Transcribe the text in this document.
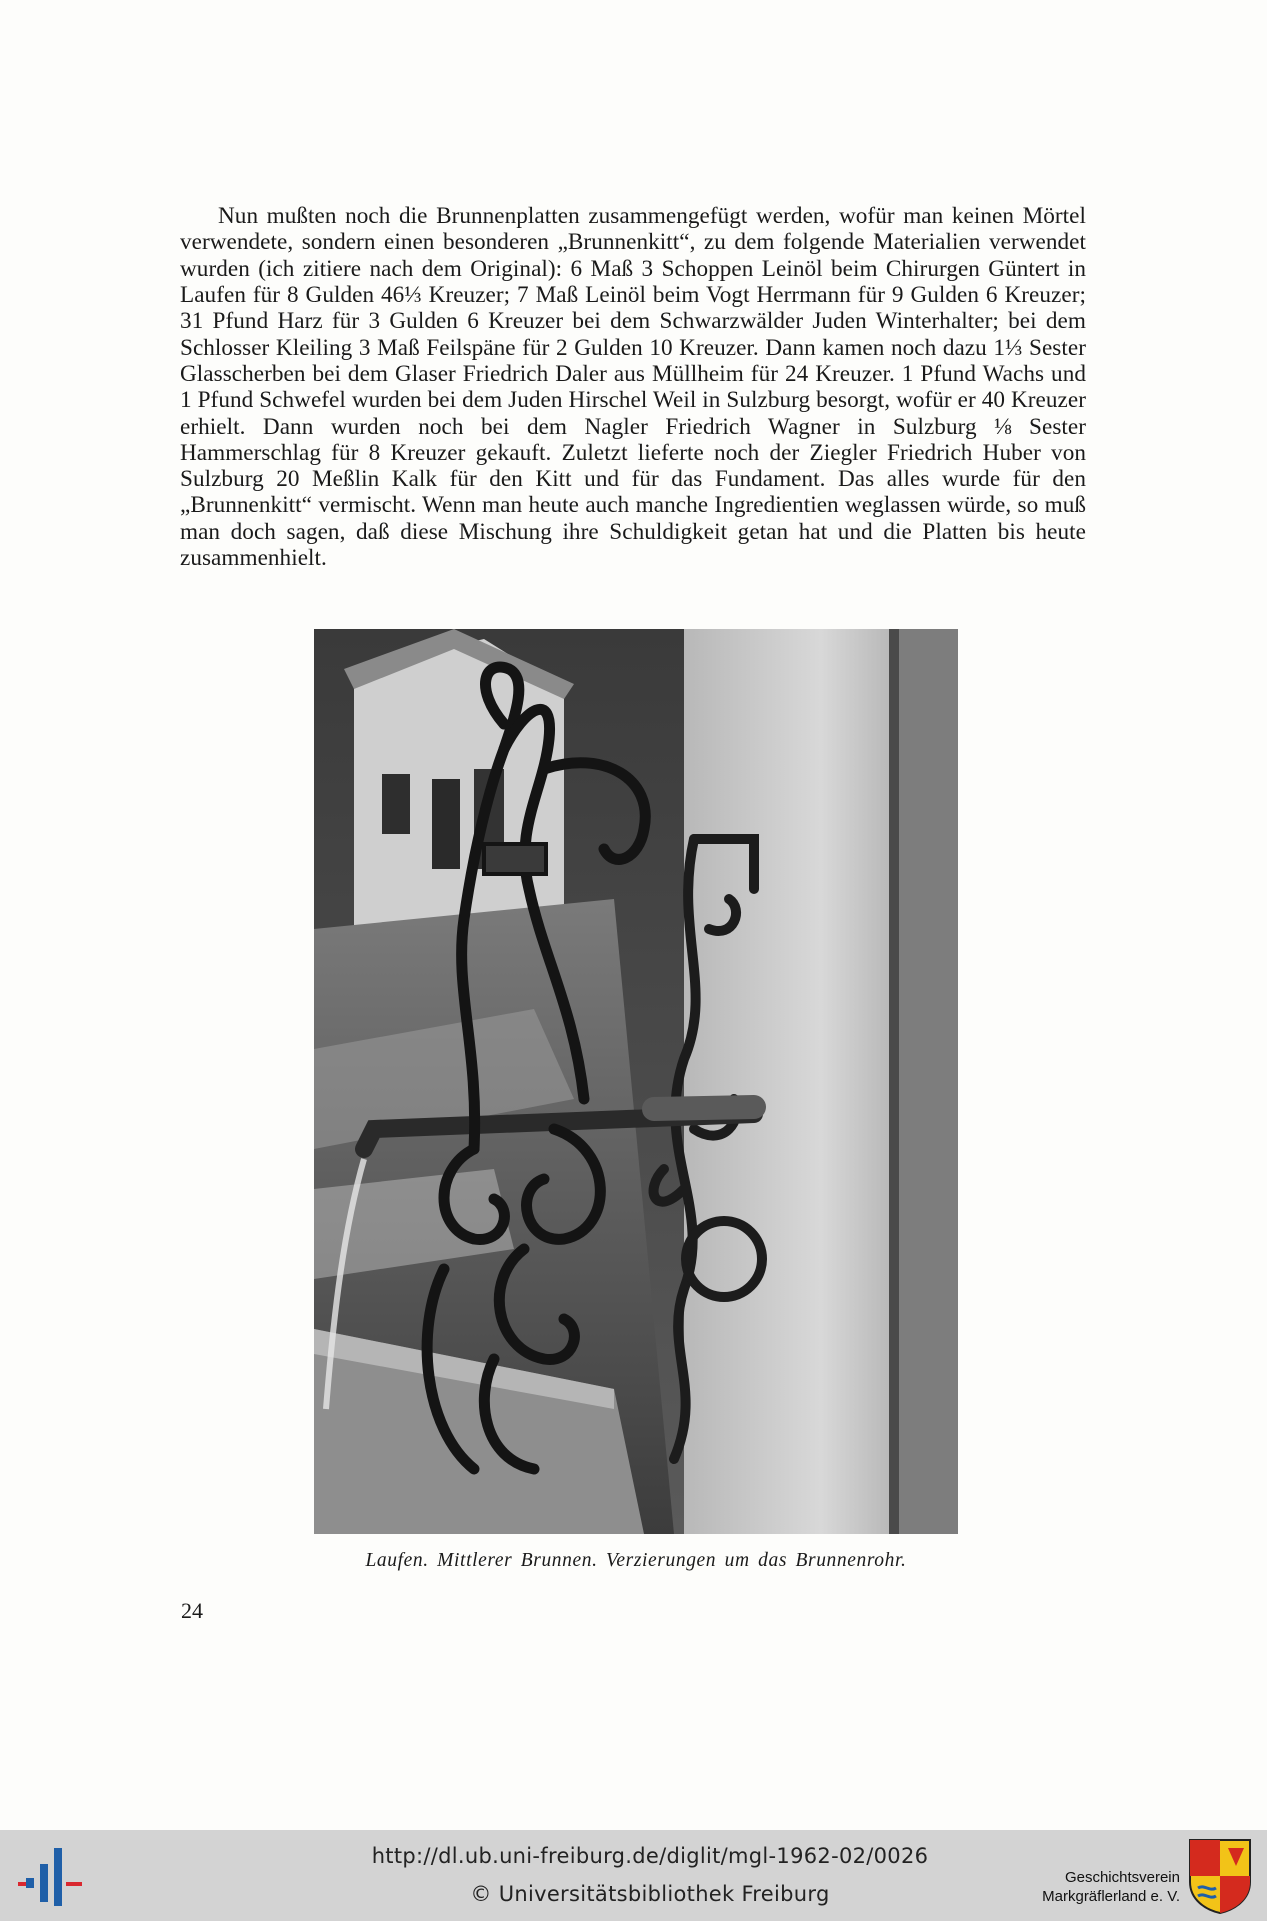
Nun mußten noch die Brunnenplatten zusammengefügt werden, wofür man keinen Mörtel verwendete, sondern einen besonderen „Brunnenkitt“, zu dem folgende Materialien verwendet wurden (ich zitiere nach dem Original): 6 Maß 3 Schoppen Leinöl beim Chirurgen Güntert in Laufen für 8 Gulden 46⅓ Kreuzer; 7 Maß Leinöl beim Vogt Herrmann für 9 Gulden 6 Kreuzer; 31 Pfund Harz für 3 Gulden 6 Kreuzer bei dem Schwarzwälder Juden Winterhalter; bei dem Schlosser Kleiling 3 Maß Feilspäne für 2 Gulden 10 Kreuzer. Dann kamen noch dazu 1⅓ Sester Glasscherben bei dem Glaser Friedrich Daler aus Müllheim für 24 Kreuzer. 1 Pfund Wachs und 1 Pfund Schwefel wurden bei dem Juden Hirschel Weil in Sulzburg besorgt, wofür er 40 Kreuzer erhielt. Dann wurden noch bei dem Nagler Friedrich Wagner in Sulzburg ⅛ Sester Hammerschlag für 8 Kreuzer gekauft. Zuletzt lieferte noch der Ziegler Friedrich Huber von Sulzburg 20 Meßlin Kalk für den Kitt und für das Fundament. Das alles wurde für den „Brunnenkitt“ vermischt. Wenn man heute auch manche Ingredientien weglassen würde, so muß man doch sagen, daß diese Mischung ihre Schuldigkeit getan hat und die Platten bis heute zusammenhielt.

Laufen. Mittlerer Brunnen. Verzierungen um das Brunnenrohr.
24
http://dl.ub.uni-freiburg.de/diglit/mgl-1962-02/0026
© Universitätsbibliothek Freiburg
Geschichtsverein
Markgräflerland e. V.
